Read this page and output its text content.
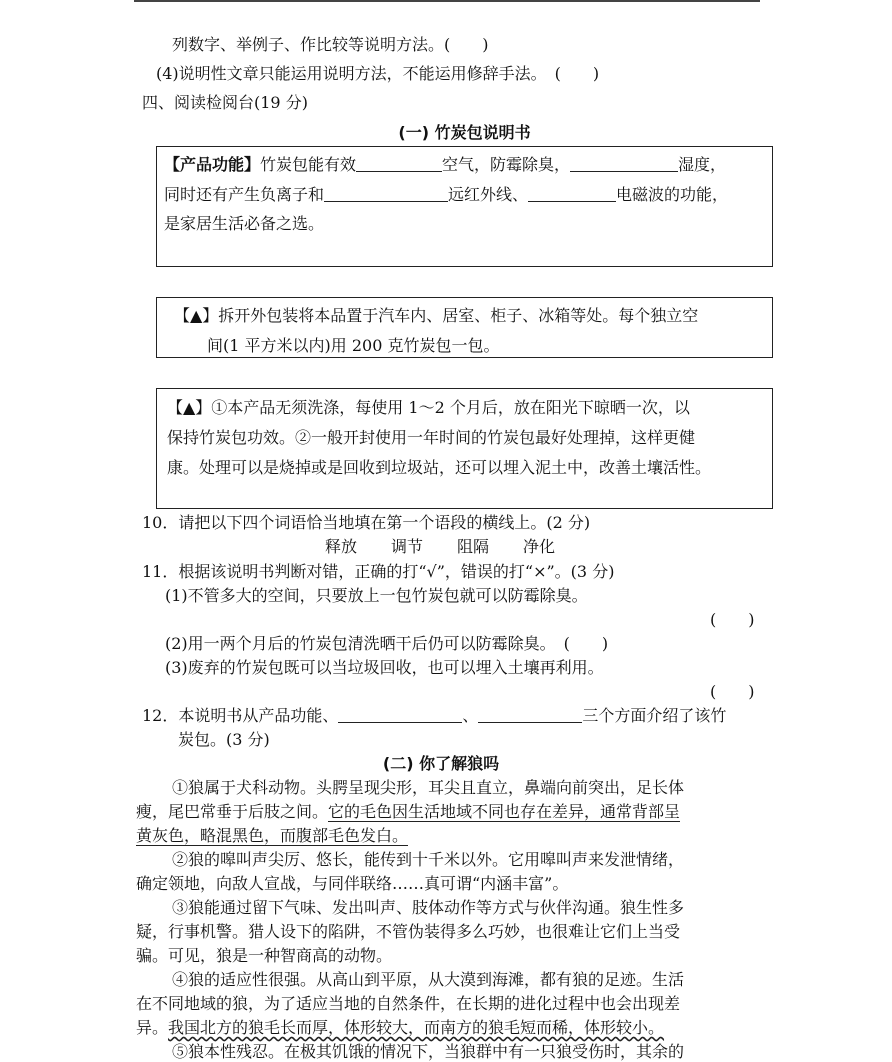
列数字、举例子、作比较等说明方法。(　　)
(4)说明性文章只能运用说明方法，不能运用修辞手法。　(　　)
四、阅读检阅台(19 分)
(一) 竹炭包说明书
【产品功能】竹炭包能有效	空气，防霉除臭，	湿度，
同时还有产生负离子和	远红外线、	电磁波的功能，
是家居生活必备之选。
【▲】拆开外包装将本品置于汽车内、居室、柜子、冰箱等处。每个独立空
间(1 平方米以内)用 200 克竹炭包一包。
【▲】①本产品无须洗涤，每使用 1～2 个月后，放在阳光下晾晒一次，以
保持竹炭包功效。②一般开封使用一年时间的竹炭包最好处理掉，这样更健
康。处理可以是烧掉或是回收到垃圾站，还可以埋入泥土中，改善土壤活性。
10．请把以下四个词语恰当地填在第一个语段的横线上。(2 分)
释放 调节 阻隔 净化
11．根据该说明书判断对错，正确的打“√”，错误的打“×”。(3 分)
(1)不管多大的空间，只要放上一包竹炭包就可以防霉除臭。
(　　)
(2)用一两个月后的竹炭包清洗晒干后仍可以防霉除臭。　(　　)
(3)废弃的竹炭包既可以当垃圾回收，也可以埋入土壤再利用。
(　　)
12．本说明书从产品功能、	、	三个方面介绍了该竹
炭包。(3 分)
(二) 你了解狼吗
①狼属于犬科动物。头腭呈现尖形，耳尖且直立，鼻端向前突出，足长体
瘦，尾巴常垂于后肢之间。它的毛色因生活地域不同也存在差异，通常背部呈
黄灰色，略混黑色，而腹部毛色发白。
②狼的嗥叫声尖厉、悠长，能传到十千米以外。它用嗥叫声来发泄情绪，
确定领地，向敌人宣战，与同伴联络……真可谓“内涵丰富”。
③狼能通过留下气味、发出叫声、肢体动作等方式与伙伴沟通。狼生性多
疑，行事机警。猎人设下的陷阱，不管伪装得多么巧妙，也很难让它们上当受
骗。可见，狼是一种智商高的动物。
④狼的适应性很强。从高山到平原，从大漠到海滩，都有狼的足迹。生活
在不同地域的狼，为了适应当地的自然条件，在长期的进化过程中也会出现差
异。我国北方的狼毛长而厚，体形较大，而南方的狼毛短而稀，体形较小。
⑤狼本性残忍。在极其饥饿的情况下，当狼群中有一只狼受伤时，其余的
